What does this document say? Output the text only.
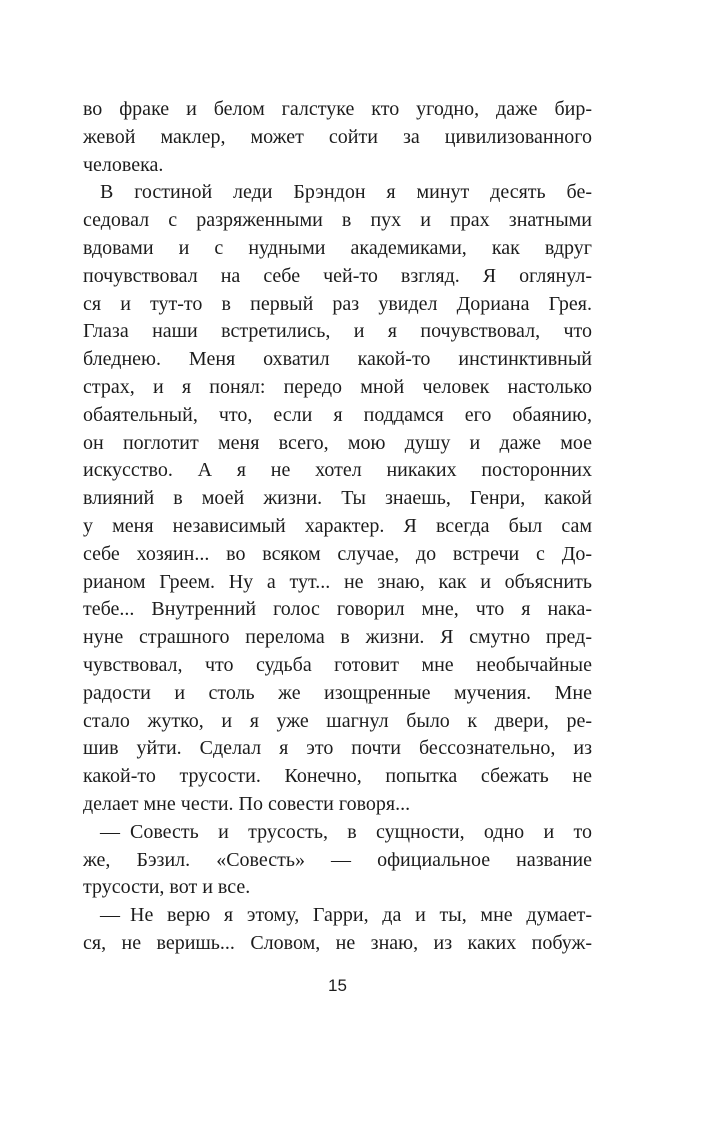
во фраке и белом галстуке кто угодно, даже бир-
жевой маклер, может сойти за цивилизованного
человека.
В гостиной леди Брэндон я минут десять бе-
седовал с разряженными в пух и прах знатными
вдовами и с нудными академиками, как вдруг
почувствовал на себе чей-то взгляд. Я оглянул-
ся и тут-то в первый раз увидел Дориана Грея.
Глаза наши встретились, и я почувствовал, что
бледнею. Меня охватил какой-то инстинктивный
страх, и я понял: передо мной человек настолько
обаятельный, что, если я поддамся его обаянию,
он поглотит меня всего, мою душу и даже мое
искусство. А я не хотел никаких посторонних
влияний в моей жизни. Ты знаешь, Генри, какой
у меня независимый характер. Я всегда был сам
себе хозяин... во всяком случае, до встречи с До-
рианом Греем. Ну а тут... не знаю, как и объяснить
тебе... Внутренний голос говорил мне, что я нака-
нуне страшного перелома в жизни. Я смутно пред-
чувствовал, что судьба готовит мне необычайные
радости и столь же изощренные мучения. Мне
стало жутко, и я уже шагнул было к двери, ре-
шив уйти. Сделал я это почти бессознательно, из
какой-то трусости. Конечно, попытка сбежать не
делает мне чести. По совести говоря...
— Совесть и трусость, в сущности, одно и то
же, Бэзил. «Совесть» — официальное название
трусости, вот и все.
— Не верю я этому, Гарри, да и ты, мне думает-
ся, не веришь... Словом, не знаю, из каких побуж-
15
